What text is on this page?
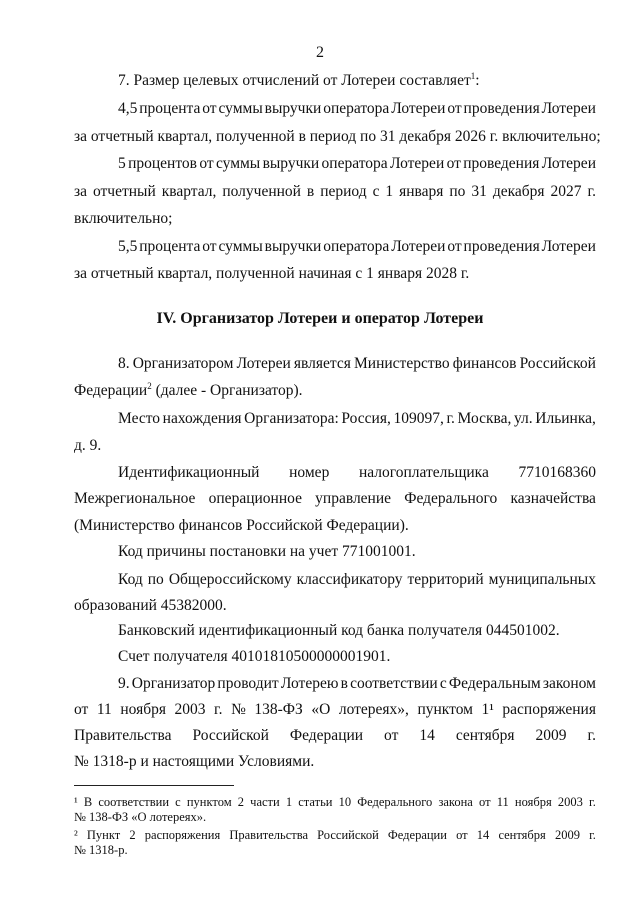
2
7. Размер целевых отчислений от Лотереи составляет$^1$:
4,5 процента от суммы выручки оператора Лотереи от проведения Лотереи
за отчетный квартал, полученной в период по 31 декабря 2026 г. включительно;
5 процентов от суммы выручки оператора Лотереи от проведения Лотереи
за отчетный квартал, полученной в период с 1 января по 31 декабря 2027 г.
включительно;
5,5 процента от суммы выручки оператора Лотереи от проведения Лотереи
за отчетный квартал, полученной начиная с 1 января 2028 г.
IV. Организатор Лотереи и оператор Лотереи
8. Организатором Лотереи является Министерство финансов Российской
Федерации$^2$ (далее - Организатор).
Место нахождения Организатора: Россия, 109097, г. Москва, ул. Ильинка,
д. 9.
Идентификационный номер налогоплательщика 7710168360
Межрегиональное операционное управление Федерального казначейства
(Министерство финансов Российской Федерации).
Код причины постановки на учет 771001001.
Код по Общероссийскому классификатору территорий муниципальных
образований 45382000.
Банковский идентификационный код банка получателя 044501002.
Счет получателя 40101810500000001901.
9. Организатор проводит Лотерею в соответствии с Федеральным законом
от 11 ноября 2003 г. № 138-ФЗ «О лотереях», пунктом 1¹ распоряжения
Правительства Российской Федерации от 14 сентября 2009 г.
№ 1318-р и настоящими Условиями.
¹ В соответствии с пунктом 2 части 1 статьи 10 Федерального закона от 11 ноября 2003 г.
№ 138-ФЗ «О лотереях».
² Пункт 2 распоряжения Правительства Российской Федерации от 14 сентября 2009 г.
№ 1318-р.
